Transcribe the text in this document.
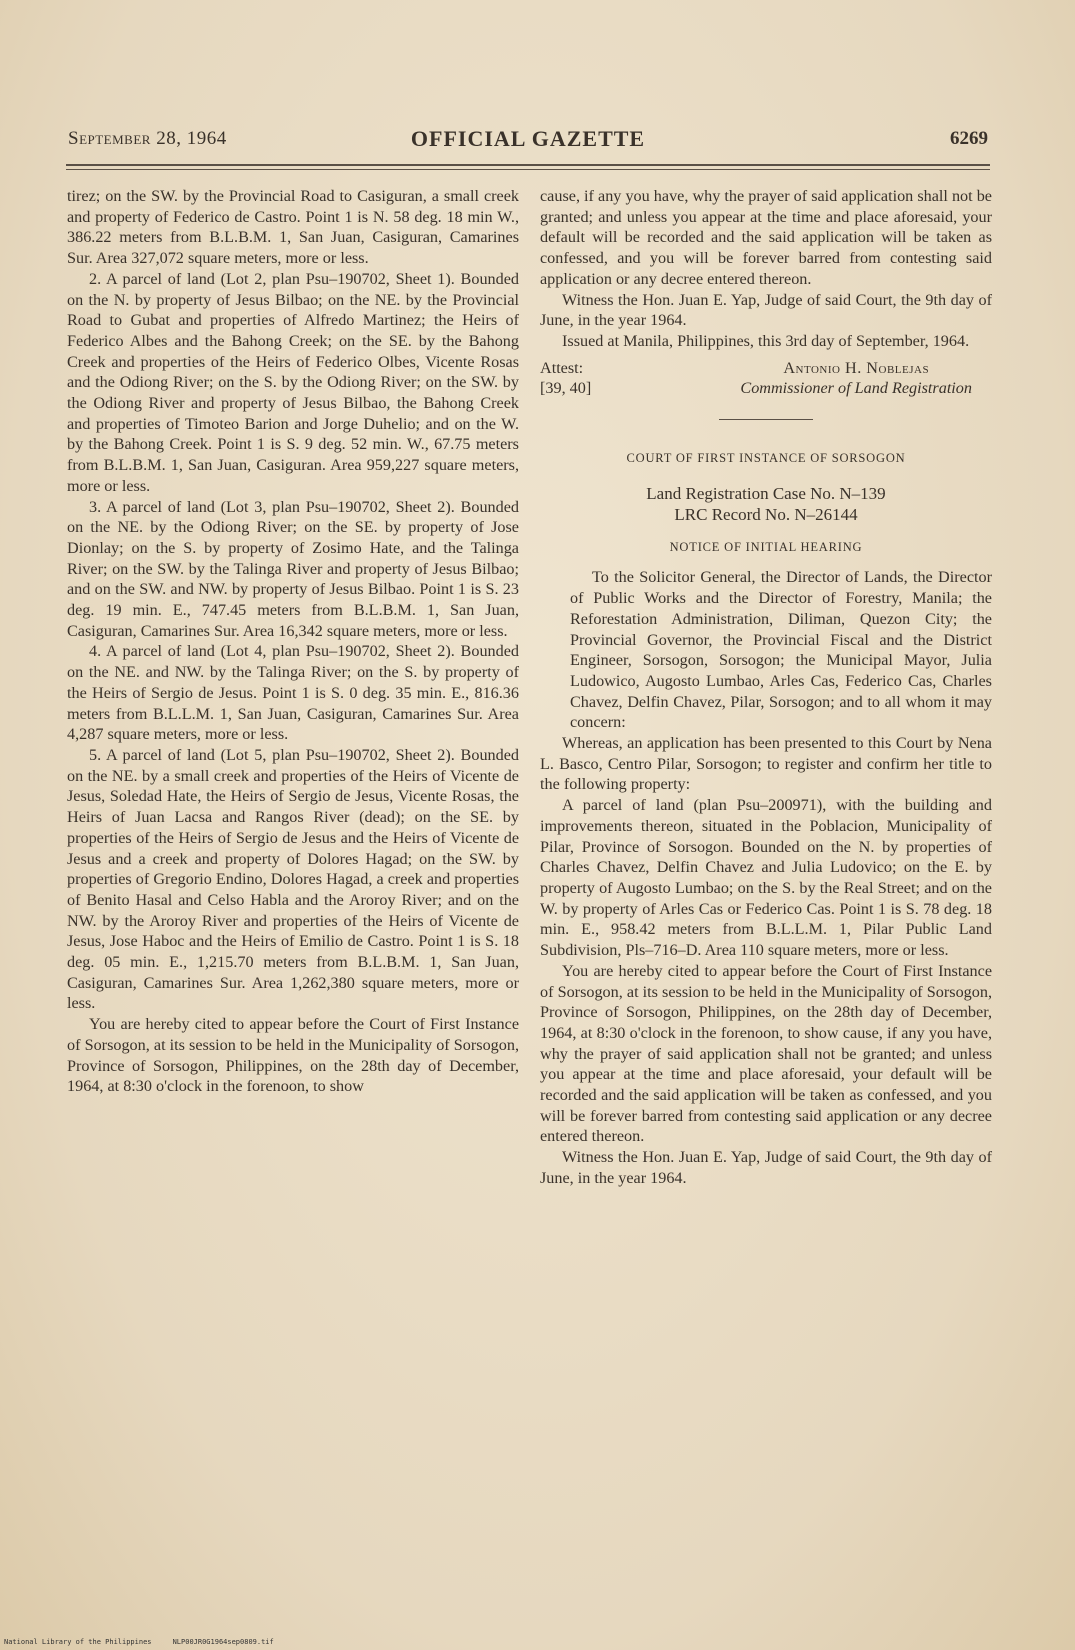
September 28, 1964	OFFICIAL GAZETTE	6269

tirez; on the SW. by the Provincial Road to Casiguran, a small creek and property of Federico de Castro. Point 1 is N. 58 deg. 18 min W., 386.22 meters from B.L.B.M. 1, San Juan, Casiguran, Camarines Sur. Area 327,072 square meters, more or less.

2. A parcel of land (Lot 2, plan Psu–190702, Sheet 1). Bounded on the N. by property of Jesus Bilbao; on the NE. by the Provincial Road to Gubat and properties of Alfredo Martinez; the Heirs of Federico Albes and the Bahong Creek; on the SE. by the Bahong Creek and properties of the Heirs of Federico Olbes, Vicente Rosas and the Odiong River; on the S. by the Odiong River; on the SW. by the Odiong River and property of Jesus Bilbao, the Bahong Creek and properties of Timoteo Barion and Jorge Duhelio; and on the W. by the Bahong Creek. Point 1 is S. 9 deg. 52 min. W., 67.75 meters from B.L.B.M. 1, San Juan, Casiguran. Area 959,227 square meters, more or less.

3. A parcel of land (Lot 3, plan Psu–190702, Sheet 2). Bounded on the NE. by the Odiong River; on the SE. by property of Jose Dionlay; on the S. by property of Zosimo Hate, and the Talinga River; on the SW. by the Talinga River and property of Jesus Bilbao; and on the SW. and NW. by property of Jesus Bilbao. Point 1 is S. 23 deg. 19 min. E., 747.45 meters from B.L.B.M. 1, San Juan, Casiguran, Camarines Sur. Area 16,342 square meters, more or less.

4. A parcel of land (Lot 4, plan Psu–190702, Sheet 2). Bounded on the NE. and NW. by the Talinga River; on the S. by property of the Heirs of Sergio de Jesus. Point 1 is S. 0 deg. 35 min. E., 816.36 meters from B.L.L.M. 1, San Juan, Casiguran, Camarines Sur. Area 4,287 square meters, more or less.

5. A parcel of land (Lot 5, plan Psu–190702, Sheet 2). Bounded on the NE. by a small creek and properties of the Heirs of Vicente de Jesus, Soledad Hate, the Heirs of Sergio de Jesus, Vicente Rosas, the Heirs of Juan Lacsa and Rangos River (dead); on the SE. by properties of the Heirs of Sergio de Jesus and the Heirs of Vicente de Jesus and a creek and property of Dolores Hagad; on the SW. by properties of Gregorio Endino, Dolores Hagad, a creek and properties of Benito Hasal and Celso Habla and the Aroroy River; and on the NW. by the Aroroy River and properties of the Heirs of Vicente de Jesus, Jose Haboc and the Heirs of Emilio de Castro. Point 1 is S. 18 deg. 05 min. E., 1,215.70 meters from B.L.B.M. 1, San Juan, Casiguran, Camarines Sur. Area 1,262,380 square meters, more or less.

You are hereby cited to appear before the Court of First Instance of Sorsogon, at its session to be held in the Municipality of Sorsogon, Province of Sorsogon, Philippines, on the 28th day of December, 1964, at 8:30 o'clock in the forenoon, to show

cause, if any you have, why the prayer of said application shall not be granted; and unless you appear at the time and place aforesaid, your default will be recorded and the said application will be taken as confessed, and you will be forever barred from contesting said application or any decree entered thereon.

Witness the Hon. Juan E. Yap, Judge of said Court, the 9th day of June, in the year 1964.

Issued at Manila, Philippines, this 3rd day of September, 1964.

Attest:
[39, 40]
Antonio H. Noblejas
Commissioner of Land Registration
COURT OF FIRST INSTANCE OF SORSOGON
Land Registration Case No. N–139
LRC Record No. N–26144
NOTICE OF INITIAL HEARING

To the Solicitor General, the Director of Lands, the Director of Public Works and the Director of Forestry, Manila; the Reforestation Administration, Diliman, Quezon City; the Provincial Governor, the Provincial Fiscal and the District Engineer, Sorsogon, Sorsogon; the Municipal Mayor, Julia Ludowico, Augosto Lumbao, Arles Cas, Federico Cas, Charles Chavez, Delfin Chavez, Pilar, Sorsogon; and to all whom it may concern:

Whereas, an application has been presented to this Court by Nena L. Basco, Centro Pilar, Sorsogon; to register and confirm her title to the following property:

A parcel of land (plan Psu–200971), with the building and improvements thereon, situated in the Poblacion, Municipality of Pilar, Province of Sorsogon. Bounded on the N. by properties of Charles Chavez, Delfin Chavez and Julia Ludovico; on the E. by property of Augosto Lumbao; on the S. by the Real Street; and on the W. by property of Arles Cas or Federico Cas. Point 1 is S. 78 deg. 18 min. E., 958.42 meters from B.L.L.M. 1, Pilar Public Land Subdivision, Pls–716–D. Area 110 square meters, more or less.

You are hereby cited to appear before the Court of First Instance of Sorsogon, at its session to be held in the Municipality of Sorsogon, Province of Sorsogon, Philippines, on the 28th day of December, 1964, at 8:30 o'clock in the forenoon, to show cause, if any you have, why the prayer of said application shall not be granted; and unless you appear at the time and place aforesaid, your default will be recorded and the said application will be taken as confessed, and you will be forever barred from contesting said application or any decree entered thereon.

Witness the Hon. Juan E. Yap, Judge of said Court, the 9th day of June, in the year 1964.

National Library of the Philippines	NLP00JR0G1964sep0809.tif
